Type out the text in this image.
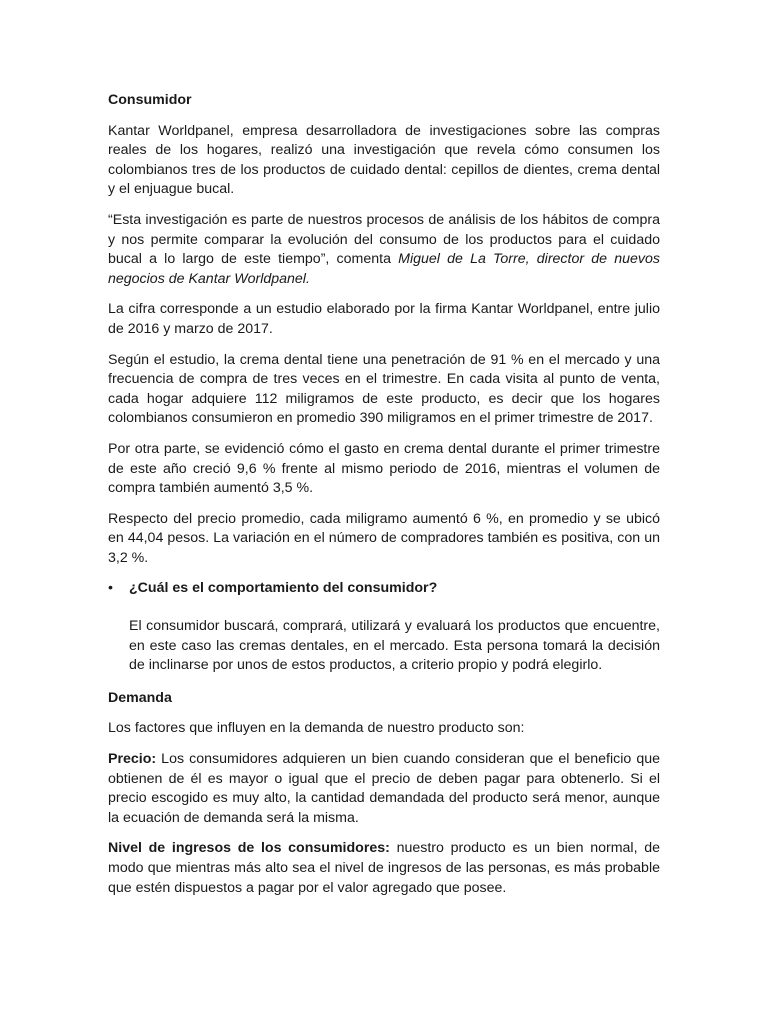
Consumidor

Kantar Worldpanel, empresa desarrolladora de investigaciones sobre las compras reales de los hogares, realizó una investigación que revela cómo consumen los colombianos tres de los productos de cuidado dental: cepillos de dientes, crema dental y el enjuague bucal.

“Esta investigación es parte de nuestros procesos de análisis de los hábitos de compra y nos permite comparar la evolución del consumo de los productos para el cuidado bucal a lo largo de este tiempo”, comenta Miguel de La Torre, director de nuevos negocios de Kantar Worldpanel.

La cifra corresponde a un estudio elaborado por la firma Kantar Worldpanel, entre julio de 2016 y marzo de 2017.

Según el estudio, la crema dental tiene una penetración de 91 % en el mercado y una frecuencia de compra de tres veces en el trimestre. En cada visita al punto de venta, cada hogar adquiere 112 miligramos de este producto, es decir que los hogares colombianos consumieron en promedio 390 miligramos en el primer trimestre de 2017.

Por otra parte, se evidenció cómo el gasto en crema dental durante el primer trimestre de este año creció 9,6 % frente al mismo periodo de 2016, mientras el volumen de compra también aumentó 3,5 %.

Respecto del precio promedio, cada miligramo aumentó 6 %, en promedio y se ubicó en 44,04 pesos. La variación en el número de compradores también es positiva, con un 3,2 %.

• ¿Cuál es el comportamiento del consumidor?

El consumidor buscará, comprará, utilizará y evaluará los productos que encuentre, en este caso las cremas dentales, en el mercado. Esta persona tomará la decisión de inclinarse por unos de estos productos, a criterio propio y podrá elegirlo.

Demanda

Los factores que influyen en la demanda de nuestro producto son:

Precio: Los consumidores adquieren un bien cuando consideran que el beneficio que obtienen de él es mayor o igual que el precio de deben pagar para obtenerlo. Si el precio escogido es muy alto, la cantidad demandada del producto será menor, aunque la ecuación de demanda será la misma.

Nivel de ingresos de los consumidores: nuestro producto es un bien normal, de modo que mientras más alto sea el nivel de ingresos de las personas, es más probable que estén dispuestos a pagar por el valor agregado que posee.
